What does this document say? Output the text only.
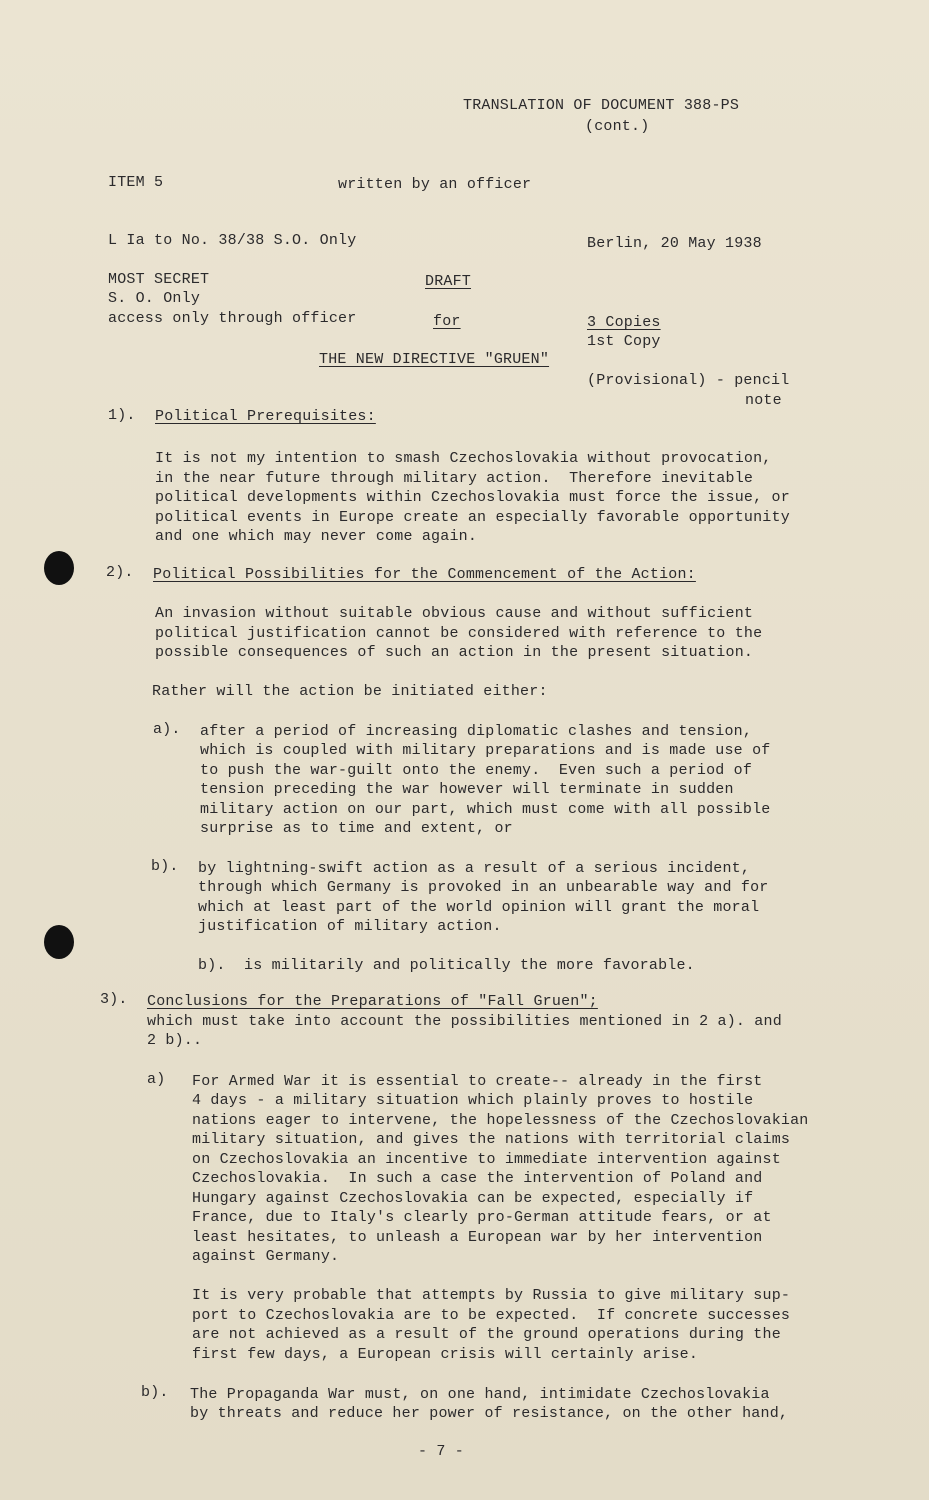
TRANSLATION OF DOCUMENT 388-PS
(cont.)
ITEM 5	written by an officer
L Ia to No. 38/38 S.O. Only	Berlin, 20 May 1938
MOST SECRET
S. O. Only
access only through officer
DRAFT
for	3 Copies
1st Copy
THE NEW DIRECTIVE "GRUEN"
(Provisional) - pencil
note
1). Political Prerequisites:
It is not my intention to smash Czechoslovakia without provocation,
in the near future through military action.  Therefore inevitable
political developments within Czechoslovakia must force the issue, or
political events in Europe create an especially favorable opportunity
and one which may never come again.
2). Political Possibilities for the Commencement of the Action:
An invasion without suitable obvious cause and without sufficient
political justification cannot be considered with reference to the
possible consequences of such an action in the present situation.
Rather will the action be initiated either:
a). after a period of increasing diplomatic clashes and tension,
which is coupled with military preparations and is made use of
to push the war-guilt onto the enemy.  Even such a period of
tension preceding the war however will terminate in sudden
military action on our part, which must come with all possible
surprise as to time and extent, or
b). by lightning-swift action as a result of a serious incident,
through which Germany is provoked in an unbearable way and for
which at least part of the world opinion will grant the moral
justification of military action.
b).  is militarily and politically the more favorable.
3). Conclusions for the Preparations of "Fall Gruen";
which must take into account the possibilities mentioned in 2 a). and
2 b)..
a) For Armed War it is essential to create-- already in the first
4 days - a military situation which plainly proves to hostile
nations eager to intervene, the hopelessness of the Czechoslovakian
military situation, and gives the nations with territorial claims
on Czechoslovakia an incentive to immediate intervention against
Czechoslovakia.  In such a case the intervention of Poland and
Hungary against Czechoslovakia can be expected, especially if
France, due to Italy's clearly pro-German attitude fears, or at
least hesitates, to unleash a European war by her intervention
against Germany.
It is very probable that attempts by Russia to give military sup-
port to Czechoslovakia are to be expected.  If concrete successes
are not achieved as a result of the ground operations during the
first few days, a European crisis will certainly arise.
b). The Propaganda War must, on one hand, intimidate Czechoslovakia
by threats and reduce her power of resistance, on the other hand,
- 7 -
